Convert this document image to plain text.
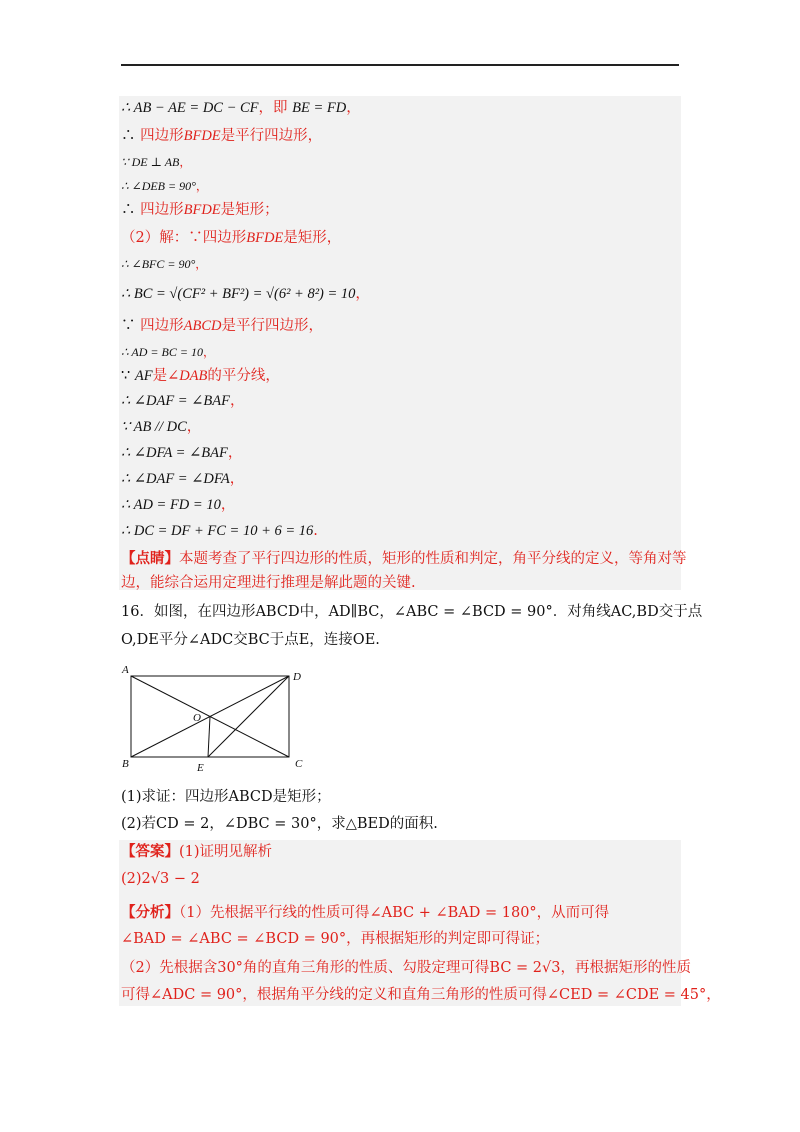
∴ AB − AE = DC − CF，即 BE = FD，
∴ 四边形BFDE是平行四边形，
∵ DE ⊥ AB，
∴ ∠DEB = 90°，
∴ 四边形BFDE是矩形；
（2）解：∵四边形BFDE是矩形，
∴ ∠BFC = 90°，
∴ BC = √(CF² + BF²) = √(6² + 8²) = 10，
∵ 四边形ABCD是平行四边形，
∴ AD = BC = 10，
∵ AF是∠DAB的平分线，
∴ ∠DAF = ∠BAF，
∵ AB // DC，
∴ ∠DFA = ∠BAF，
∴ ∠DAF = ∠DFA，
∴ AD = FD = 10，
∴ DC = DF + FC = 10 + 6 = 16.
【点睛】本题考查了平行四边形的性质，矩形的性质和判定，角平分线的定义，等角对等
边，能综合运用定理进行推理是解此题的关键.
16．如图，在四边形ABCD中，AD∥BC，∠ABC = ∠BCD = 90°．对角线AC,BD交于点
O,DE平分∠ADC交BC于点E，连接OE.
A
D
O
B	E	C
(1)求证：四边形ABCD是矩形；
(2)若CD = 2，∠DBC = 30°，求△BED的面积.
【答案】(1)证明见解析
(2)2√3 − 2
【分析】（1）先根据平行线的性质可得∠ABC + ∠BAD = 180°，从而可得
∠BAD = ∠ABC = ∠BCD = 90°，再根据矩形的判定即可得证；
（2）先根据含30°角的直角三角形的性质、勾股定理可得BC = 2√3，再根据矩形的性质
可得∠ADC = 90°，根据角平分线的定义和直角三角形的性质可得∠CED = ∠CDE = 45°，
